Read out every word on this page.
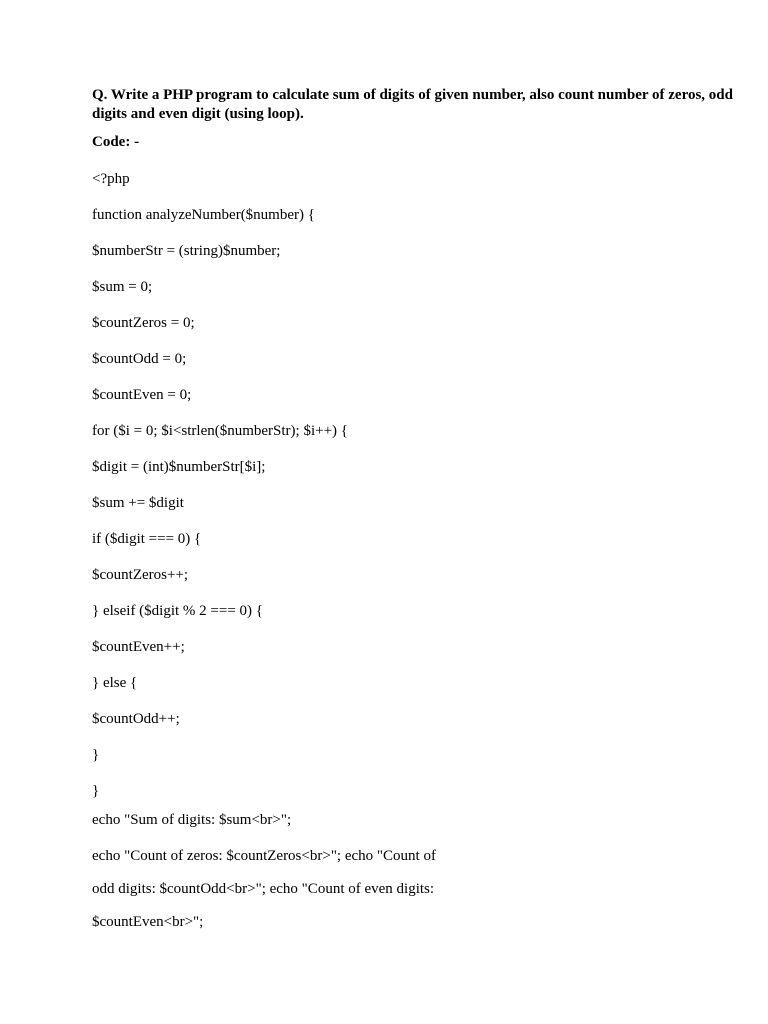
Q. Write a PHP program to calculate sum of digits of given number, also count number of zeros, odd digits and even digit (using loop).
Code: -
<?php
function analyzeNumber($number) {
$numberStr = (string)$number;
$sum = 0;
$countZeros = 0;
$countOdd = 0;
$countEven = 0;
for ($i = 0; $i<strlen($numberStr); $i++) {
$digit = (int)$numberStr[$i];
$sum += $digit
if ($digit === 0) {
$countZeros++;
} elseif ($digit % 2 === 0) {
$countEven++;
} else {
$countOdd++;
}
}
echo "Sum of digits: $sum<br>";
echo "Count of zeros: $countZeros<br>"; echo "Count of
odd digits: $countOdd<br>"; echo "Count of even digits:
$countEven<br>";
